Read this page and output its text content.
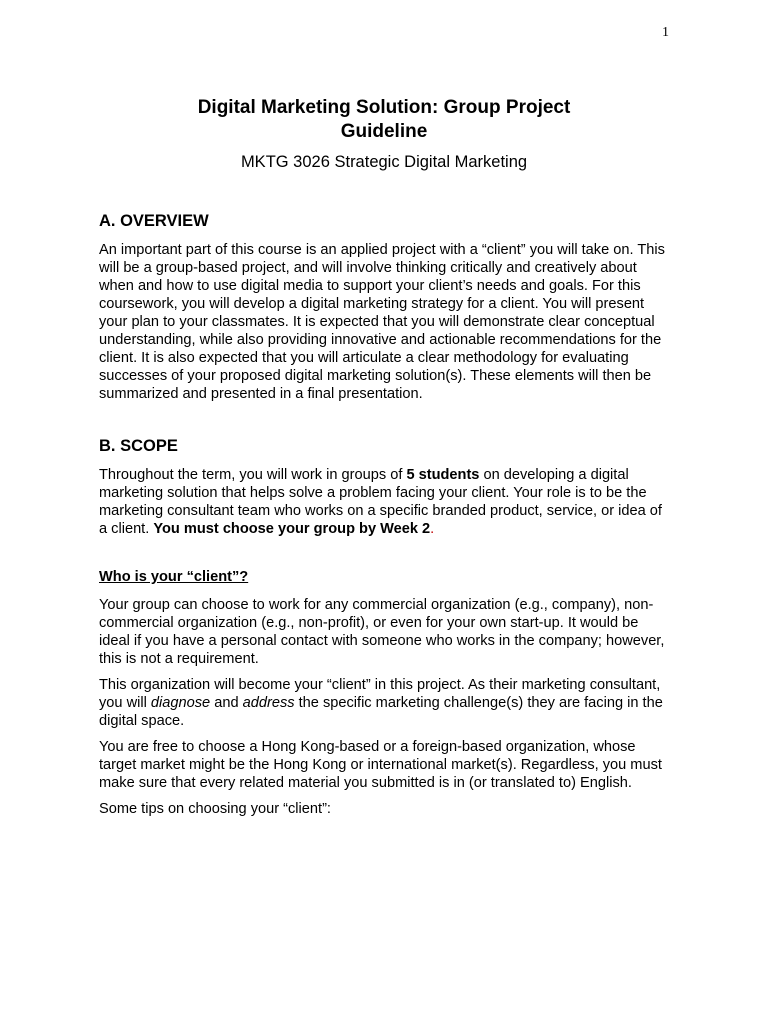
1
Digital Marketing Solution: Group Project
Guideline
MKTG 3026 Strategic Digital Marketing
A. OVERVIEW

An important part of this course is an applied project with a “client” you will take on. This will be a group-based project, and will involve thinking critically and creatively about when and how to use digital media to support your client’s needs and goals. For this coursework, you will develop a digital marketing strategy for a client. You will present your plan to your classmates. It is expected that you will demonstrate clear conceptual understanding, while also providing innovative and actionable recommendations for the client. It is also expected that you will articulate a clear methodology for evaluating successes of your proposed digital marketing solution(s). These elements will then be summarized and presented in a final presentation.

B. SCOPE

Throughout the term, you will work in groups of 5 students on developing a digital marketing solution that helps solve a problem facing your client. Your role is to be the marketing consultant team who works on a specific branded product, service, or idea of a client. You must choose your group by Week 2.

Who is your “client”?

Your group can choose to work for any commercial organization (e.g., company), non-commercial organization (e.g., non-profit), or even for your own start-up. It would be ideal if you have a personal contact with someone who works in the company; however, this is not a requirement.

This organization will become your “client” in this project. As their marketing consultant, you will diagnose and address the specific marketing challenge(s) they are facing in the digital space.

You are free to choose a Hong Kong-based or a foreign-based organization, whose target market might be the Hong Kong or international market(s). Regardless, you must make sure that every related material you submitted is in (or translated to) English.

Some tips on choosing your “client”:
